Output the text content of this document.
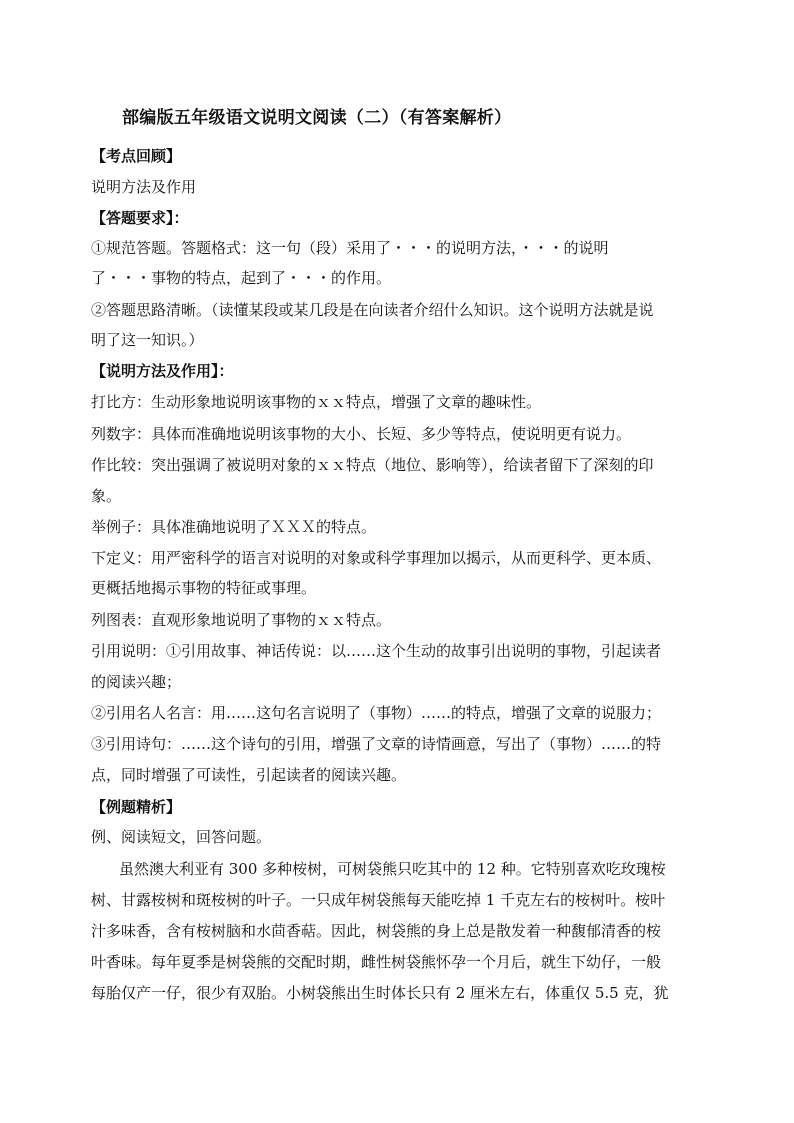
部编版五年级语文说明文阅读（二）（有答案解析）
【考点回顾】
说明方法及作用
【答题要求】：
①规范答题。答题格式：这一句（段）采用了・・・的说明方法，・・・的说明
了・・・事物的特点，起到了・・・的作用。
②答题思路清晰。（读懂某段或某几段是在向读者介绍什么知识。这个说明方法就是说
明了这一知识。）
【说明方法及作用】：
打比方：生动形象地说明该事物的ｘｘ特点，增强了文章的趣味性。
列数字：具体而准确地说明该事物的大小、长短、多少等特点，使说明更有说力。
作比较：突出强调了被说明对象的ｘｘ特点（地位、影响等），给读者留下了深刻的印
象。
举例子：具体准确地说明了ＸＸＸ的特点。
下定义：用严密科学的语言对说明的对象或科学事理加以揭示，从而更科学、更本质、
更概括地揭示事物的特征或事理。
列图表：直观形象地说明了事物的ｘｘ特点。
引用说明：①引用故事、神话传说：以……这个生动的故事引出说明的事物，引起读者
的阅读兴趣；
②引用名人名言：用……这句名言说明了（事物）……的特点，增强了文章的说服力；
③引用诗句：……这个诗句的引用，增强了文章的诗情画意，写出了（事物）……的特
点，同时增强了可读性，引起读者的阅读兴趣。
【例题精析】
例、阅读短文，回答问题。
虽然澳大利亚有 300 多种桉树，可树袋熊只吃其中的 12 种。它特别喜欢吃玫瑰桉
树、甘露桉树和斑桉树的叶子。一只成年树袋熊每天能吃掉 1 千克左右的桉树叶。桉叶
汁多味香，含有桉树脑和水茴香萜。因此，树袋熊的身上总是散发着一种馥郁清香的桉
叶香味。每年夏季是树袋熊的交配时期，雌性树袋熊怀孕一个月后，就生下幼仔，一般
每胎仅产一仔，很少有双胎。小树袋熊出生时体长只有 2 厘米左右，体重仅 5.5 克，犹
